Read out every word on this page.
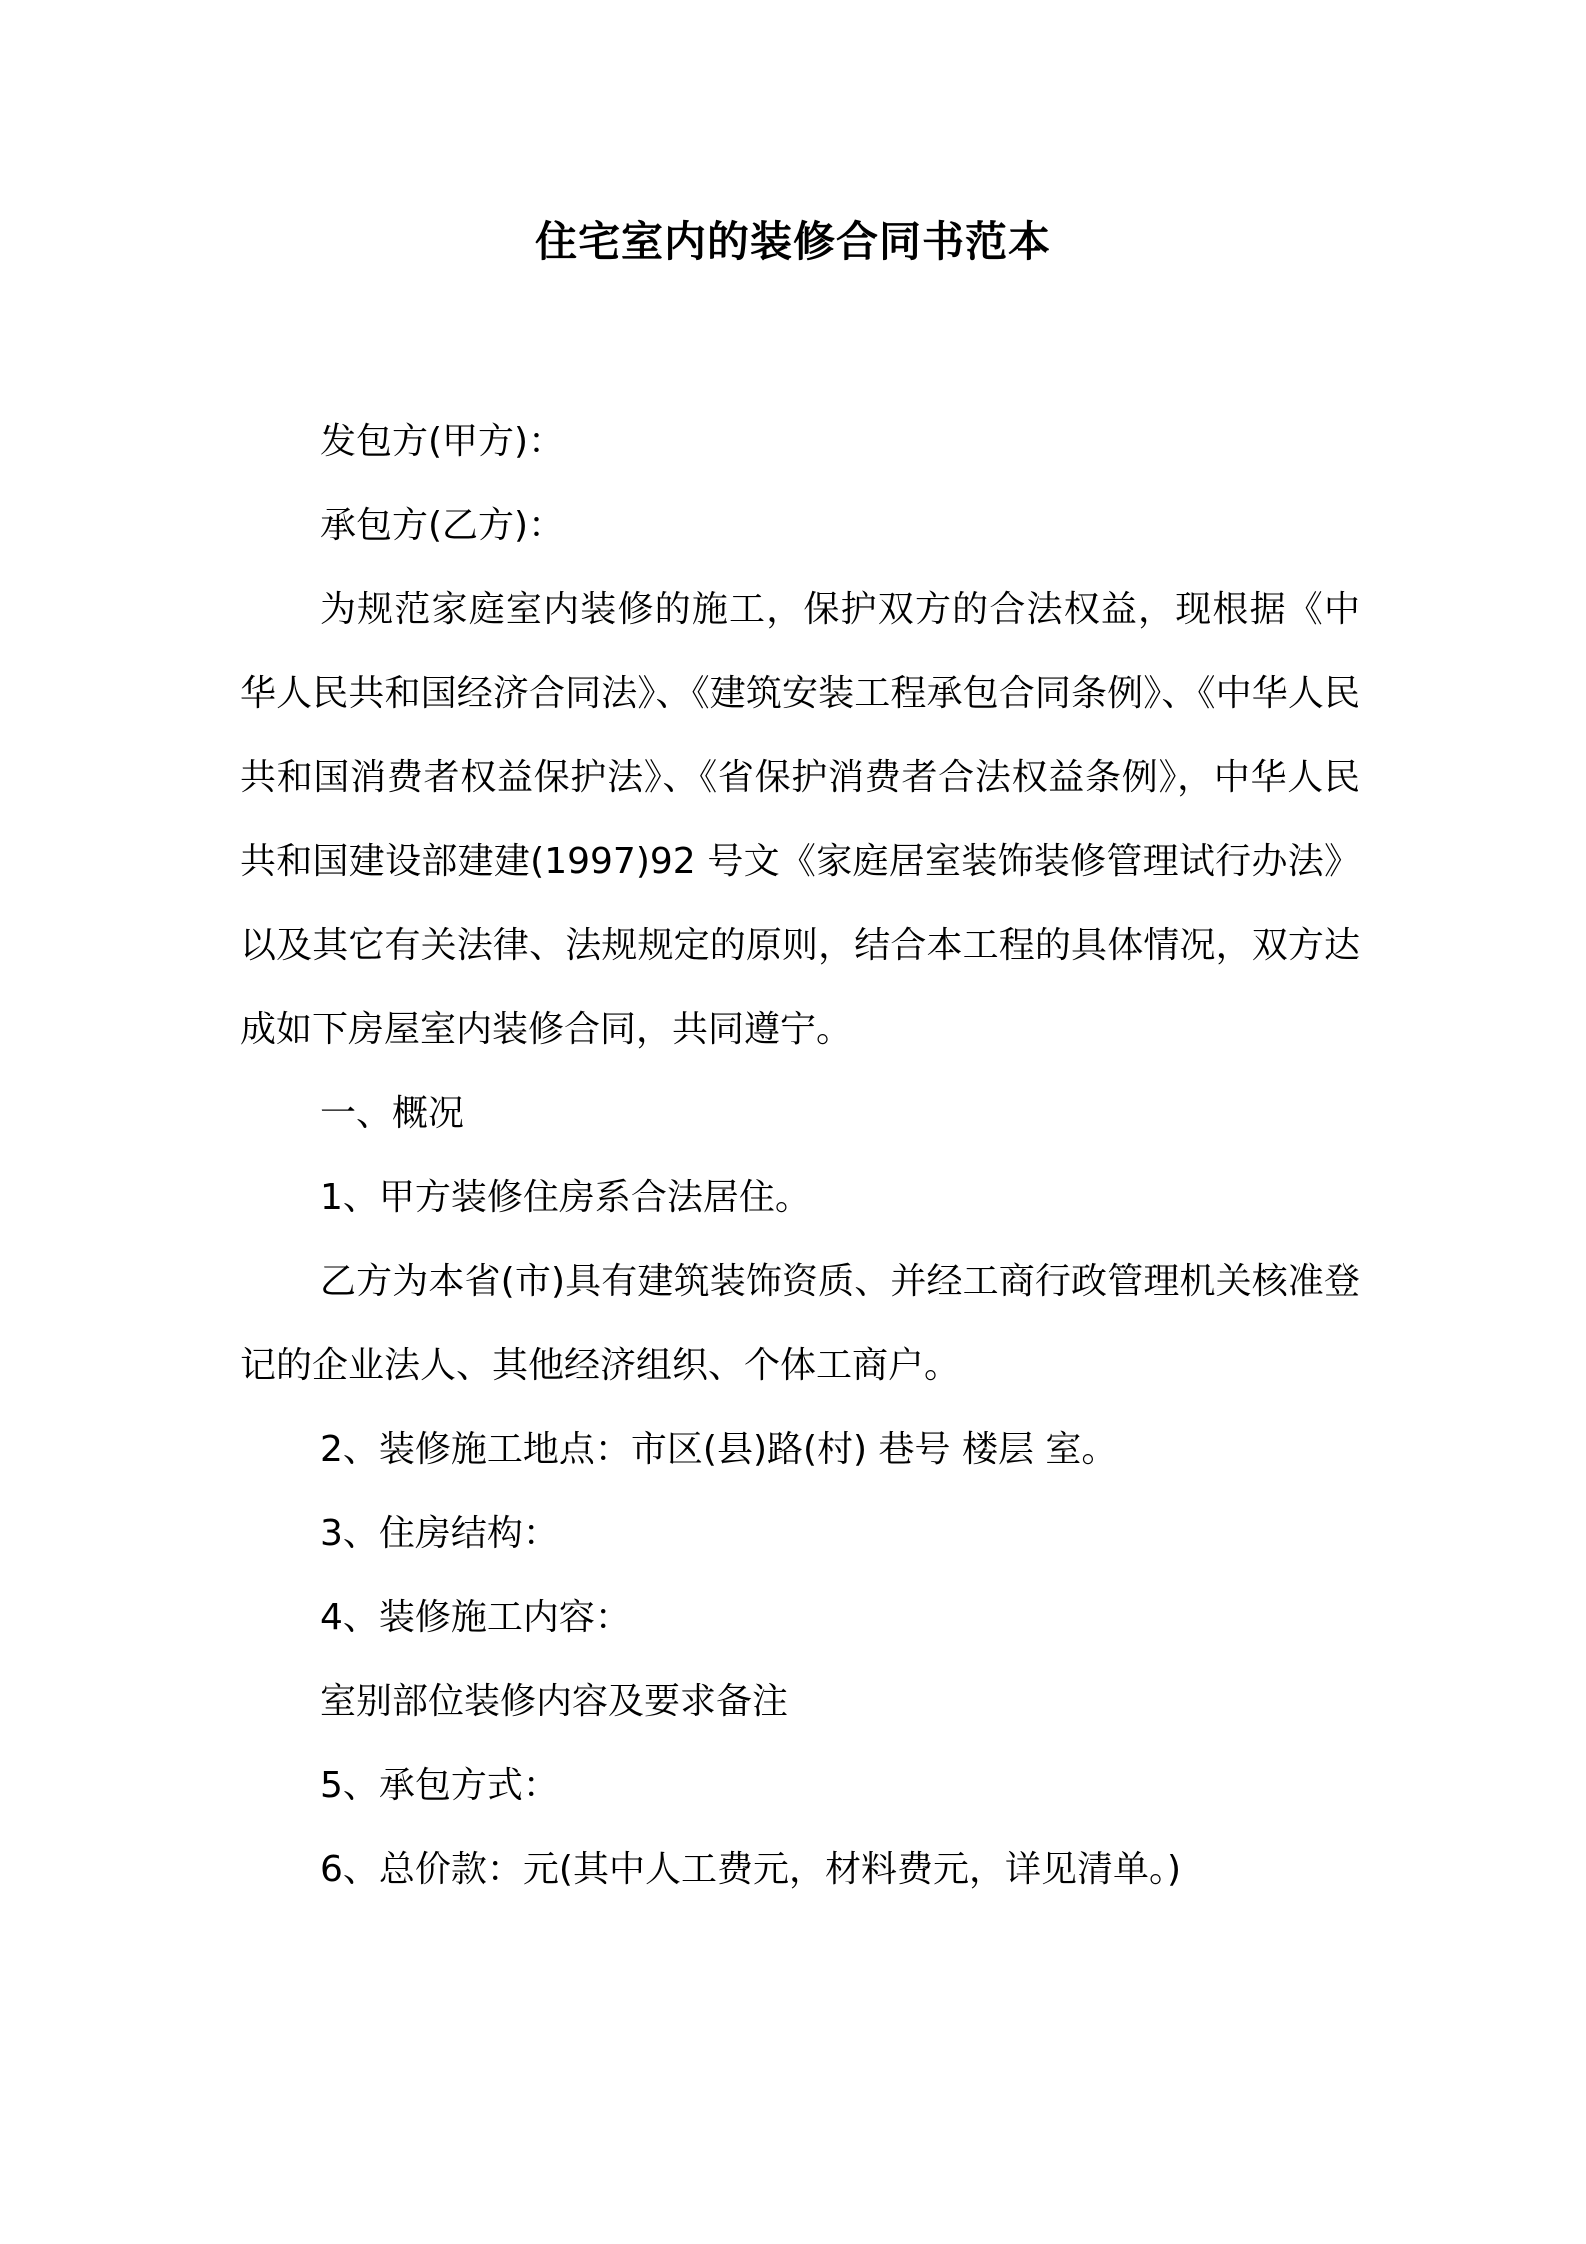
住宅室内的装修合同书范本

发包方(甲方)：

承包方(乙方)：

为规范家庭室内装修的施工，保护双方的合法权益，现根据《中华人民共和国经济合同法》、《建筑安装工程承包合同条例》、《中华人民共和国消费者权益保护法》、《省保护消费者合法权益条例》，中华人民共和国建设部建建(1997)92 号文《家庭居室装饰装修管理试行办法》以及其它有关法律、法规规定的原则，结合本工程的具体情况，双方达成如下房屋室内装修合同，共同遵宁。

一、概况

1、甲方装修住房系合法居住。

乙方为本省(市)具有建筑装饰资质、并经工商行政管理机关核准登记的企业法人、其他经济组织、个体工商户。

2、装修施工地点：市区(县)路(村) 巷号 楼层 室。

3、住房结构：

4、装修施工内容：

室别部位装修内容及要求备注

5、承包方式：

6、总价款：元(其中人工费元，材料费元，详见清单。)
